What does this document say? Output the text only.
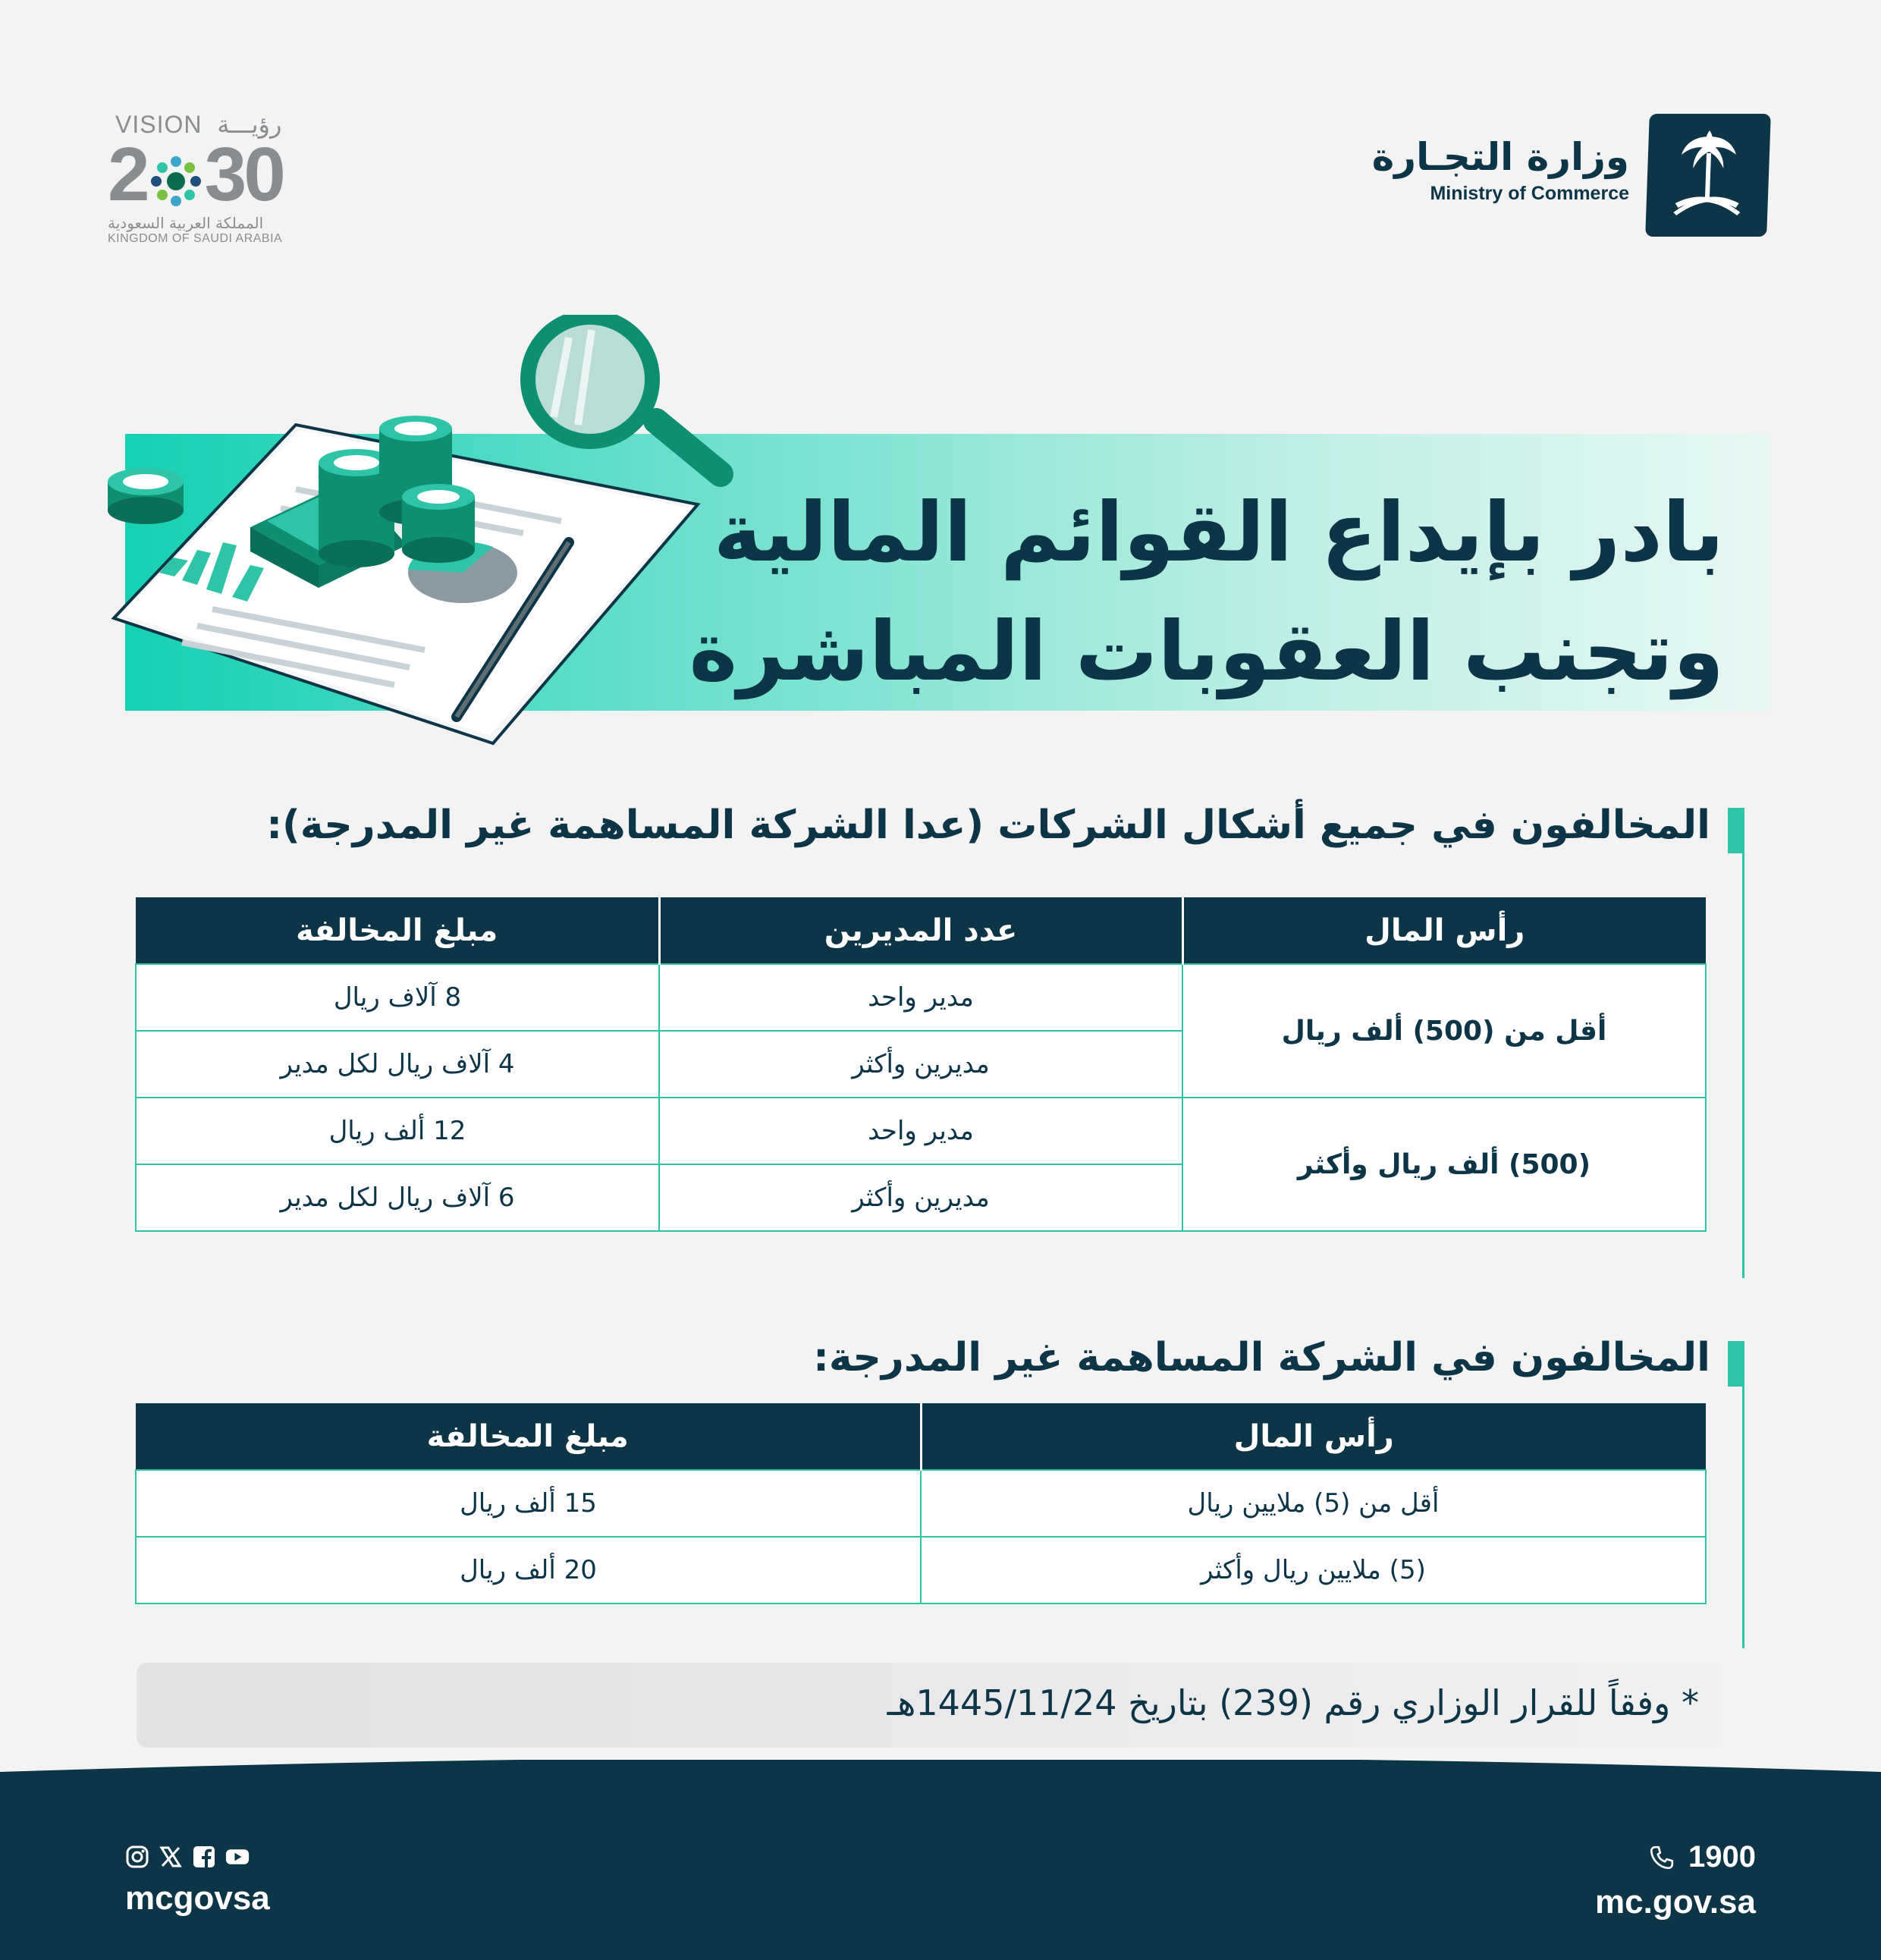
وزارة التجـارة
Ministry of Commerce
VISION رؤيـــة
2 30
المملكة العربية السعودية
KINGDOM OF SAUDI ARABIA
بادر بإيداع القوائم المالية
وتجنب العقوبات المباشرة
المخالفون في جميع أشكال الشركات (عدا الشركة المساهمة غير المدرجة):
رأس المال	عدد المديرين	مبلغ المخالفة
أقل من (500) ألف ريال	مدير واحد	8 آلاف ريال
	مديرين وأكثر	4 آلاف ريال لكل مدير
(500) ألف ريال وأكثر	مدير واحد	12 ألف ريال
	مديرين وأكثر	6 آلاف ريال لكل مدير
المخالفون في الشركة المساهمة غير المدرجة:
رأس المال	مبلغ المخالفة
أقل من (5) ملايين ريال	15 ألف ريال
(5) ملايين ريال وأكثر	20 ألف ريال
* وفقاً للقرار الوزاري رقم (239) بتاريخ 1445/11/24هـ
1900
mc.gov.sa
mcgovsa
